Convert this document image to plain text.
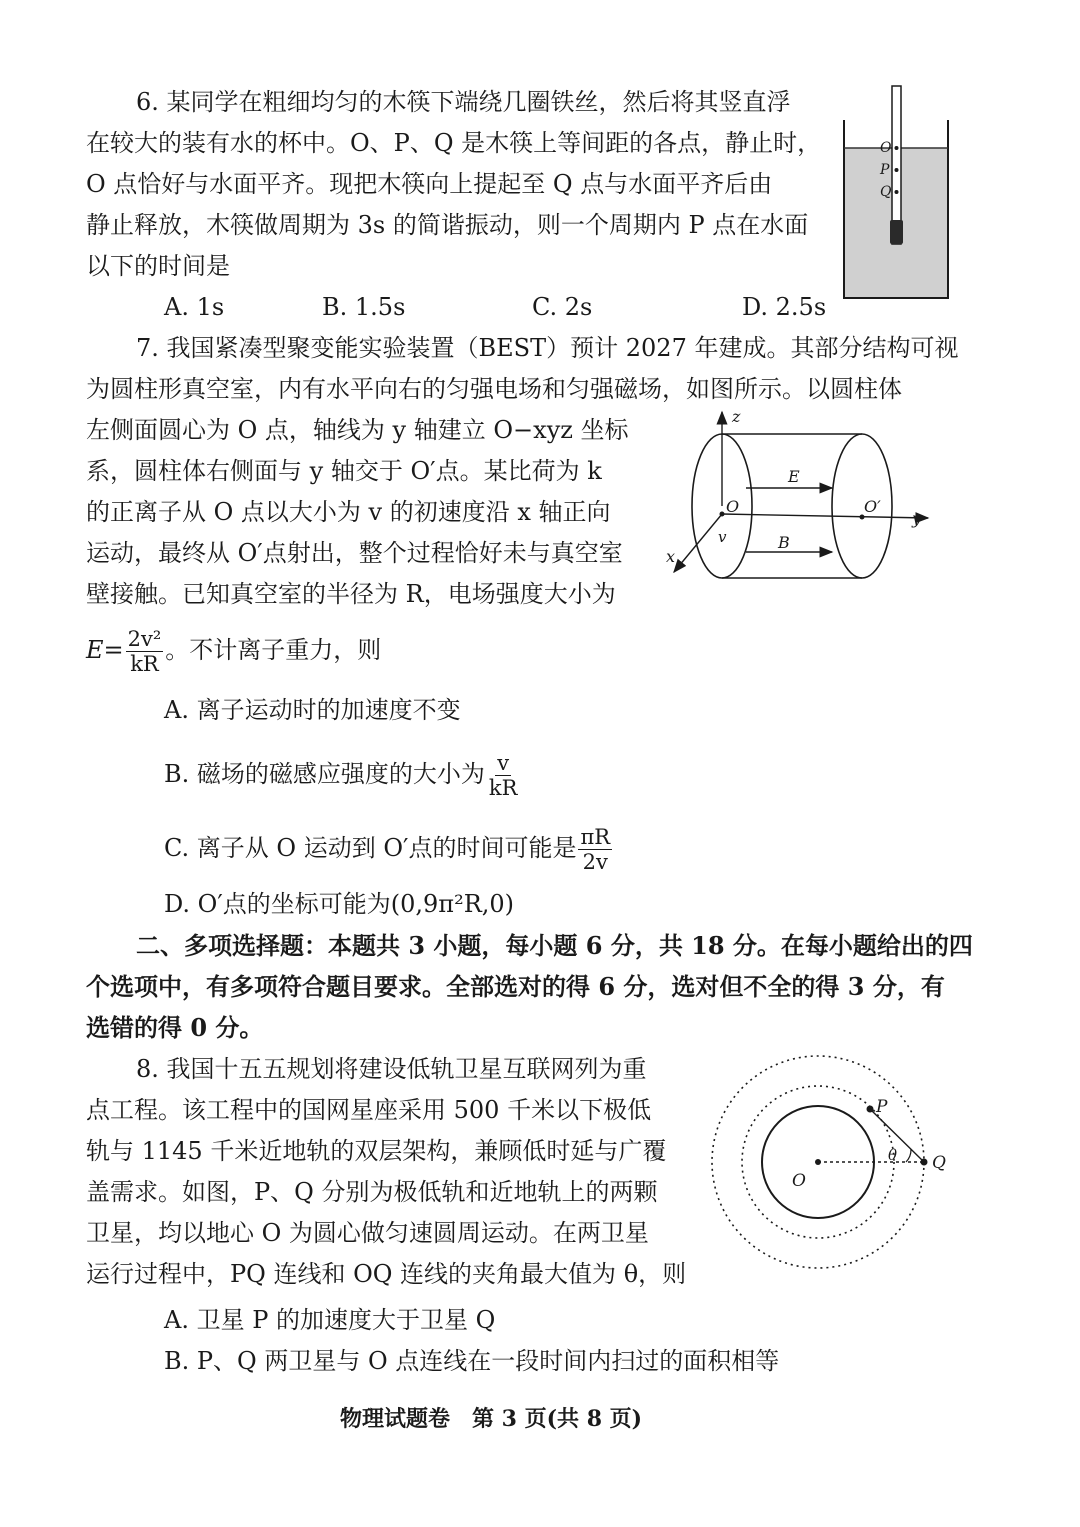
6. 某同学在粗细均匀的木筷下端绕几圈铁丝，然后将其竖直浮
在较大的装有水的杯中。O、P、Q 是木筷上等间距的各点，静止时，
O 点恰好与水面平齐。现把木筷向上提起至 Q 点与水面平齐后由
静止释放，木筷做周期为 3s 的简谐振动，则一个周期内 P 点在水面
以下的时间是
A. 1s	B. 1.5s	C. 2s	D. 2.5s
O
P
Q
7. 我国紧凑型聚变能实验装置（BEST）预计 2027 年建成。其部分结构可视
为圆柱形真空室，内有水平向右的匀强电场和匀强磁场，如图所示。以圆柱体
左侧面圆心为 O 点，轴线为 y 轴建立 O−xyz 坐标
系，圆柱体右侧面与 y 轴交于 O′点。某比荷为 k
的正离子从 O 点以大小为 v 的初速度沿 x 轴正向
运动，最终从 O′点射出，整个过程恰好未与真空室
壁接触。已知真空室的半径为 R，电场强度大小为
$E= \frac{\text{2v²}}{kR}$ 。不计离子重力，则
A. 离子运动时的加速度不变
B. 磁场的磁感应强度的大小为 $\frac{v}{kR}$
C. 离子从 O 运动到 O′点的时间可能是 $\frac{\pi R}{2v}$
D. O′点的坐标可能为(0,9π²R,0)
z
y
x
E
B
O	O′
v
二、多项选择题：本题共 3 小题，每小题 6 分，共 18 分。在每小题给出的四
个选项中，有多项符合题目要求。全部选对的得 6 分，选对但不全的得 3 分，有
选错的得 0 分。
8. 我国十五五规划将建设低轨卫星互联网列为重
点工程。该工程中的国网星座采用 500 千米以下极低
轨与 1145 千米近地轨的双层架构，兼顾低时延与广覆
盖需求。如图，P、Q 分别为极低轨和近地轨上的两颗
卫星，均以地心 O 为圆心做匀速圆周运动。在两卫星
运行过程中，PQ 连线和 OQ 连线的夹角最大值为 θ，则
A. 卫星 P 的加速度大于卫星 Q
B. P、Q 两卫星与 O 点连线在一段时间内扫过的面积相等
P
Q
O
θ
物理试题卷　第 3 页(共 8 页)
